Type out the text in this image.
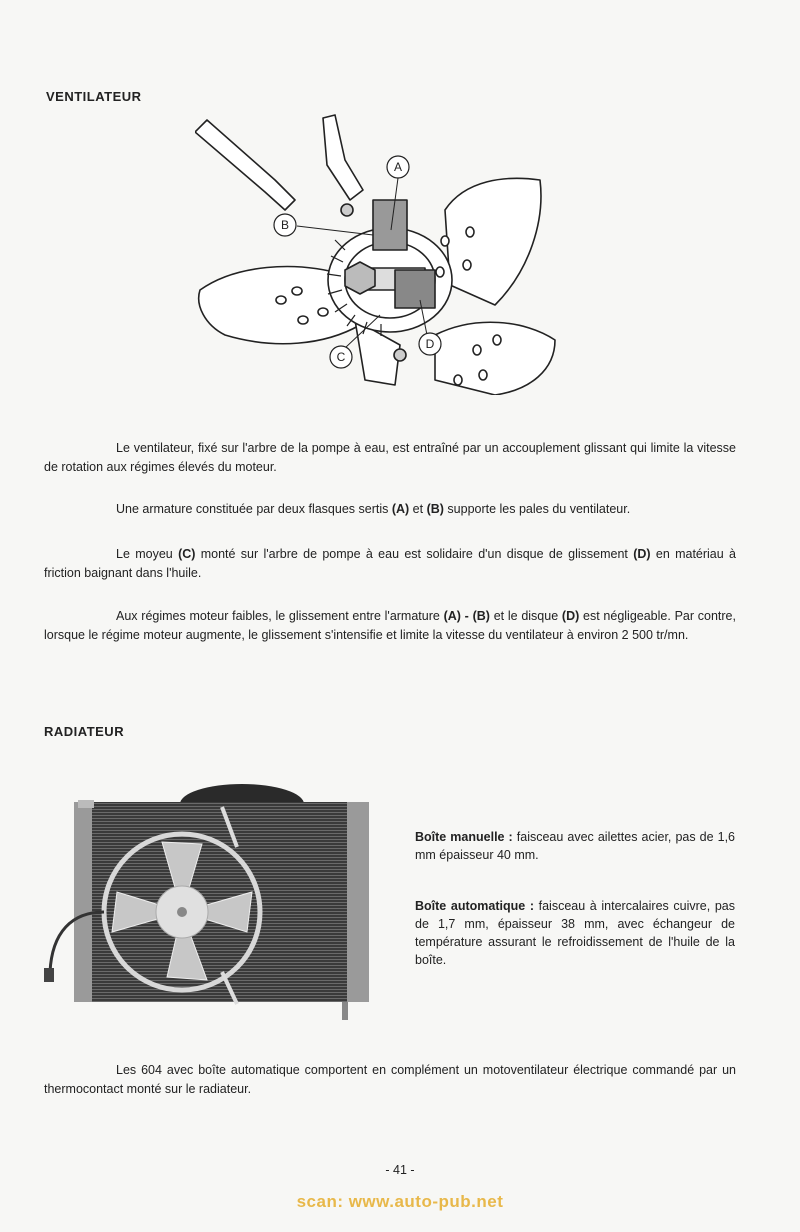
VENTILATEUR
A
B
C
D

Le ventilateur, fixé sur l'arbre de la pompe à eau, est entraîné par un accouplement glissant qui limite la vitesse de rotation aux régimes élevés du moteur.

Une armature constituée par deux flasques sertis (A) et (B) supporte les pales du ventilateur.

Le moyeu (C) monté sur l'arbre de pompe à eau est solidaire d'un disque de glissement (D) en matériau à friction baignant dans l'huile.

Aux régimes moteur faibles, le glissement entre l'armature (A) - (B) et le disque (D) est négligeable. Par contre, lorsque le régime moteur augmente, le glissement s'intensifie et limite la vitesse du ventilateur à environ 2 500 tr/mn.

RADIATEUR

Boîte manuelle : faisceau avec ailettes acier, pas de 1,6 mm épaisseur 40 mm.

Boîte automatique : faisceau à intercalaires cuivre, pas de 1,7 mm, épaisseur 38 mm, avec échangeur de température assurant le refroidissement de l'huile de la boîte.

Les 604 avec boîte automatique comportent en complément un motoventilateur électrique commandé par un thermocontact monté sur le radiateur.

- 41 -
scan: www.auto-pub.net
